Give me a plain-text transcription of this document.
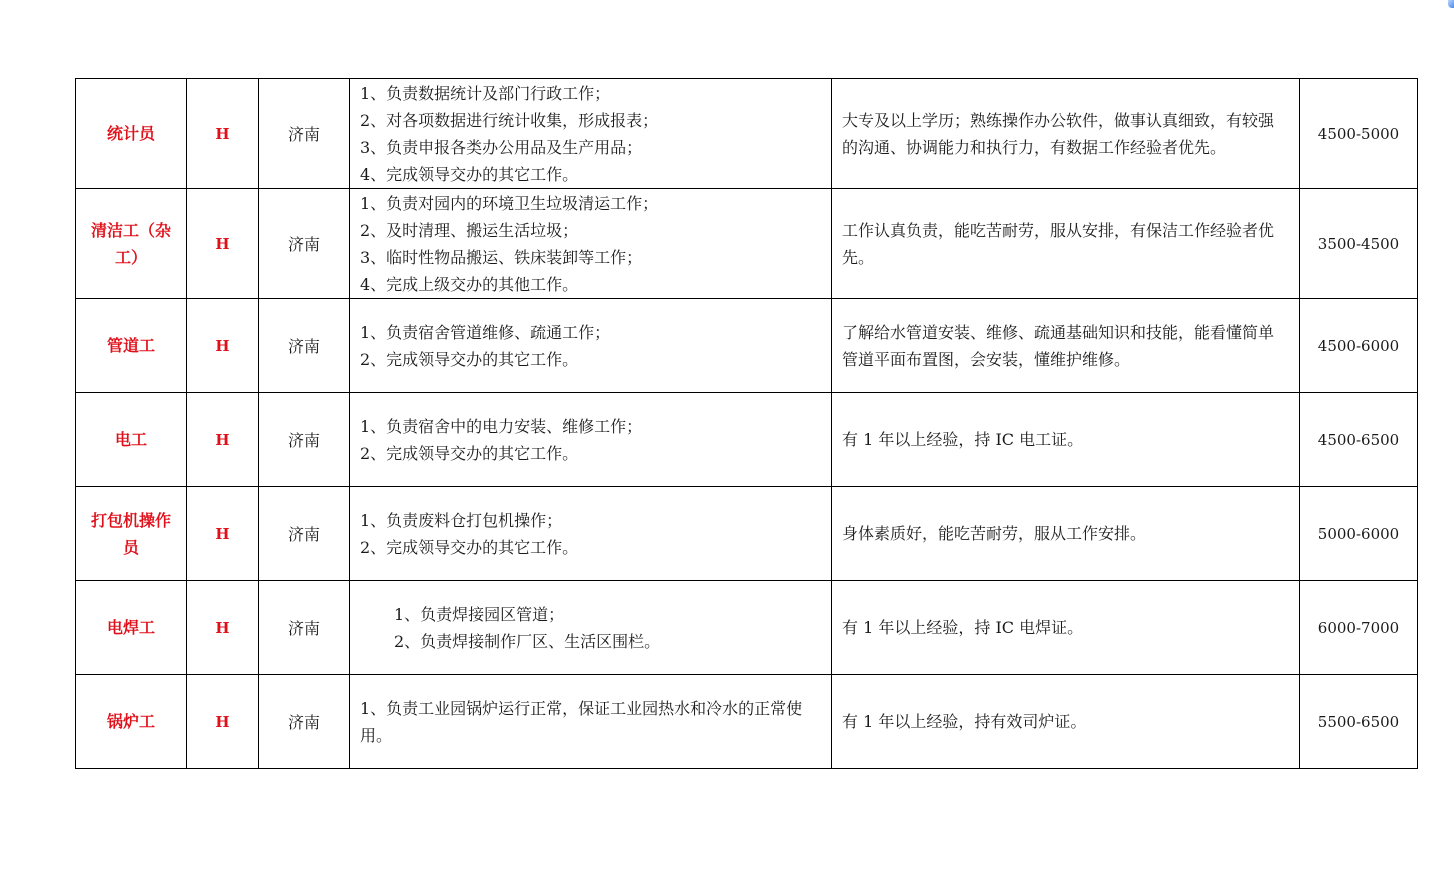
统计员	H	济南	1、负责数据统计及部门行政工作；
2、对各项数据进行统计收集，形成报表；
3、负责申报各类办公用品及生产用品；
4、完成领导交办的其它工作。	大专及以上学历；熟练操作办公软件，做事认真细致，有较强的沟通、协调能力和执行力，有数据工作经验者优先。	4500-5000
清洁工（杂工）	H	济南	1、负责对园内的环境卫生垃圾清运工作；
2、及时清理、搬运生活垃圾；
3、临时性物品搬运、铁床装卸等工作；
4、完成上级交办的其他工作。	工作认真负责，能吃苦耐劳，服从安排，有保洁工作经验者优先。	3500-4500
管道工	H	济南	1、负责宿舍管道维修、疏通工作；
2、完成领导交办的其它工作。	了解给水管道安装、维修、疏通基础知识和技能，能看懂简单管道平面布置图，会安装，懂维护维修。	4500-6000
电工	H	济南	1、负责宿舍中的电力安装、维修工作；
2、完成领导交办的其它工作。	有 1 年以上经验，持 IC 电工证。	4500-6500
打包机操作员	H	济南	1、负责废料仓打包机操作；
2、完成领导交办的其它工作。	身体素质好，能吃苦耐劳，服从工作安排。	5000-6000
电焊工	H	济南	1、负责焊接园区管道；
2、负责焊接制作厂区、生活区围栏。	有 1 年以上经验，持 IC 电焊证。	6000-7000
锅炉工	H	济南	1、负责工业园锅炉运行正常，保证工业园热水和冷水的正常使用。	有 1 年以上经验，持有效司炉证。	5500-6500
